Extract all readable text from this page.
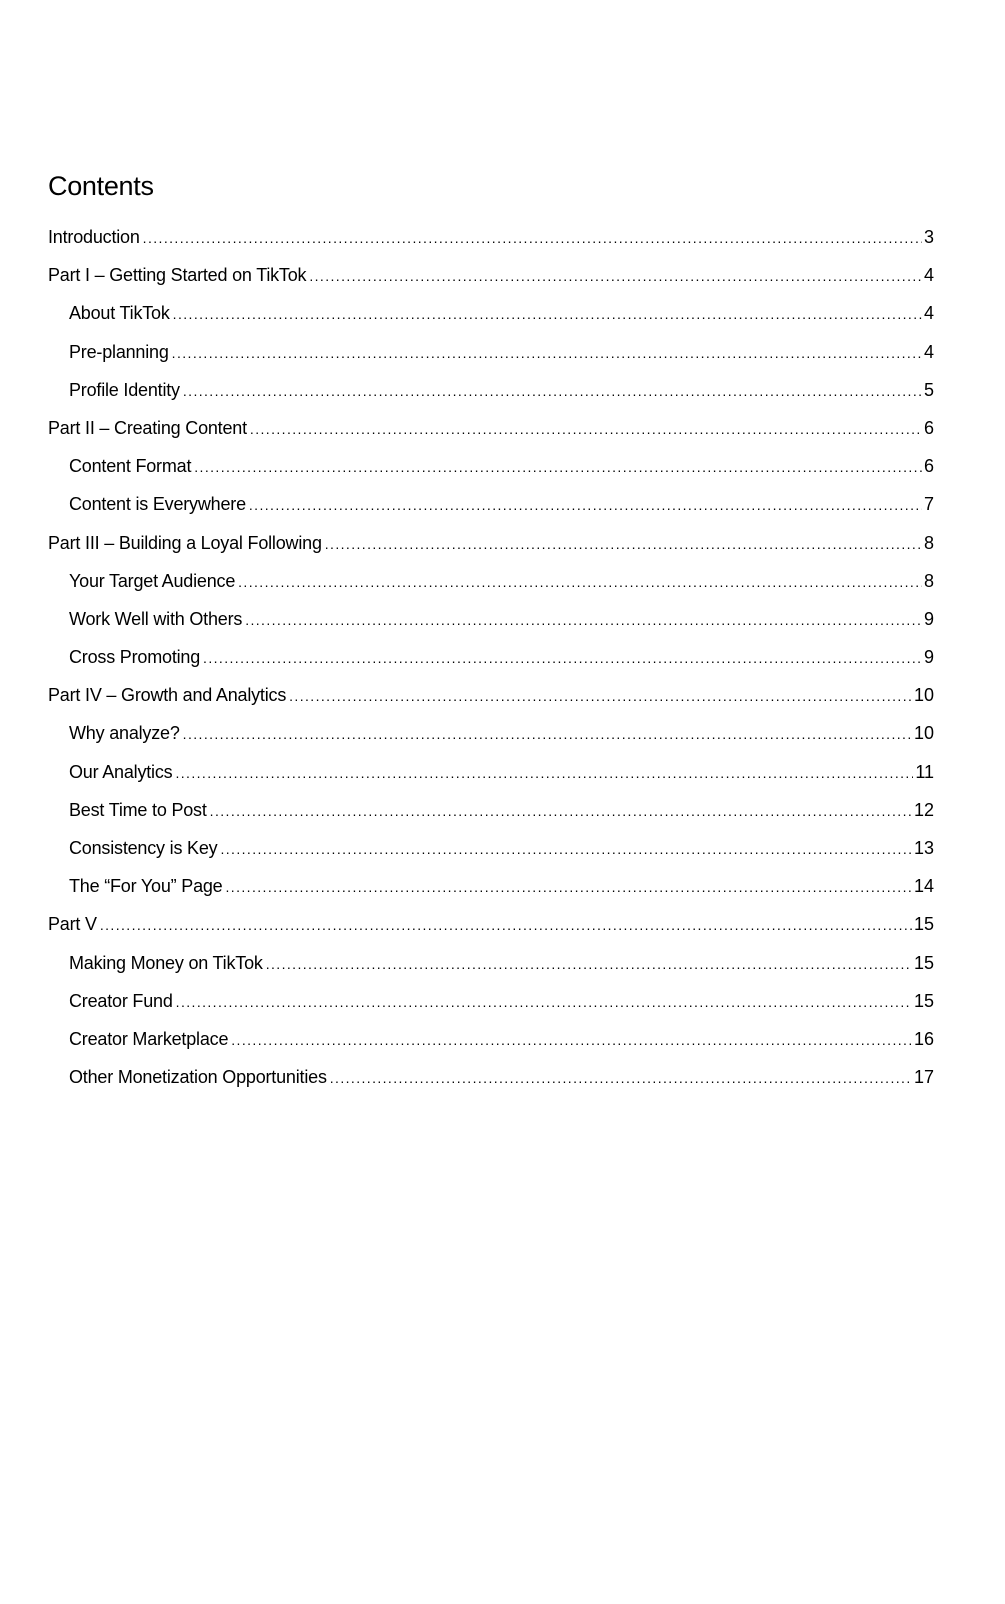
Contents
Introduction .....	3
Part I – Getting Started on TikTok .....	4
About TikTok .....	4
Pre-planning .....	4
Profile Identity .....	5
Part II – Creating Content .....	6
Content Format .....	6
Content is Everywhere .....	7
Part III – Building a Loyal Following .....	8
Your Target Audience .....	8
Work Well with Others .....	9
Cross Promoting .....	9
Part IV – Growth and Analytics .....	10
Why analyze? .....	10
Our Analytics .....	11
Best Time to Post .....	12
Consistency is Key .....	13
The “For You” Page .....	14
Part V .....	15
Making Money on TikTok .....	15
Creator Fund .....	15
Creator Marketplace .....	16
Other Monetization Opportunities .....	17
